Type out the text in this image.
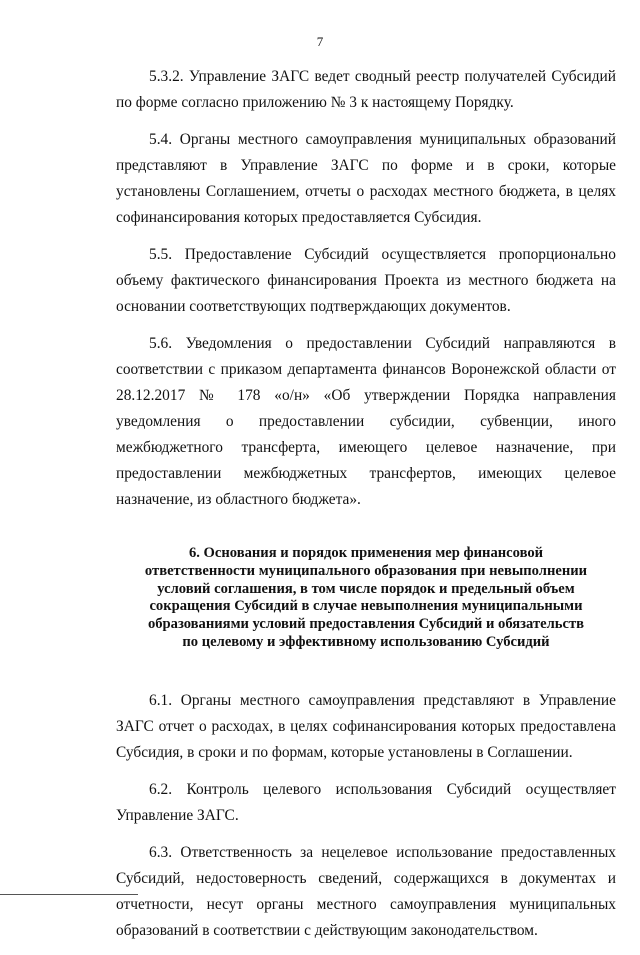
7

5.3.2. Управление ЗАГС ведет сводный реестр получателей Субсидий по форме согласно приложению № 3 к настоящему Порядку.

5.4. Органы местного самоуправления муниципальных образований представляют в Управление ЗАГС по форме и в сроки, которые установлены Соглашением, отчеты о расходах местного бюджета, в целях софинансирования которых предоставляется Субсидия.

5.5. Предоставление Субсидий осуществляется пропорционально объему фактического финансирования Проекта из местного бюджета на основании соответствующих подтверждающих документов.

5.6. Уведомления о предоставлении Субсидий направляются в соответствии с приказом департамента финансов Воронежской области от 28.12.2017 № 178 «о/н» «Об утверждении Порядка направления уведомления о предоставлении субсидии, субвенции, иного межбюджетного трансферта, имеющего целевое назначение, при предоставлении межбюджетных трансфертов, имеющих целевое назначение, из областного бюджета».

6. Основания и порядок применения мер финансовой
ответственности муниципального образования при невыполнении
условий соглашения, в том числе порядок и предельный объем
сокращения Субсидий в случае невыполнения муниципальными
образованиями условий предоставления Субсидий и обязательств
по целевому и эффективному использованию Субсидий

6.1. Органы местного самоуправления представляют в Управление ЗАГС отчет о расходах, в целях софинансирования которых предоставлена Субсидия, в сроки и по формам, которые установлены в Соглашении.

6.2. Контроль целевого использования Субсидий осуществляет Управление ЗАГС.

6.3. Ответственность за нецелевое использование предоставленных Субсидий, недостоверность сведений, содержащихся в документах и отчетности, несут органы местного самоуправления муниципальных образований в соответствии с действующим законодательством.
